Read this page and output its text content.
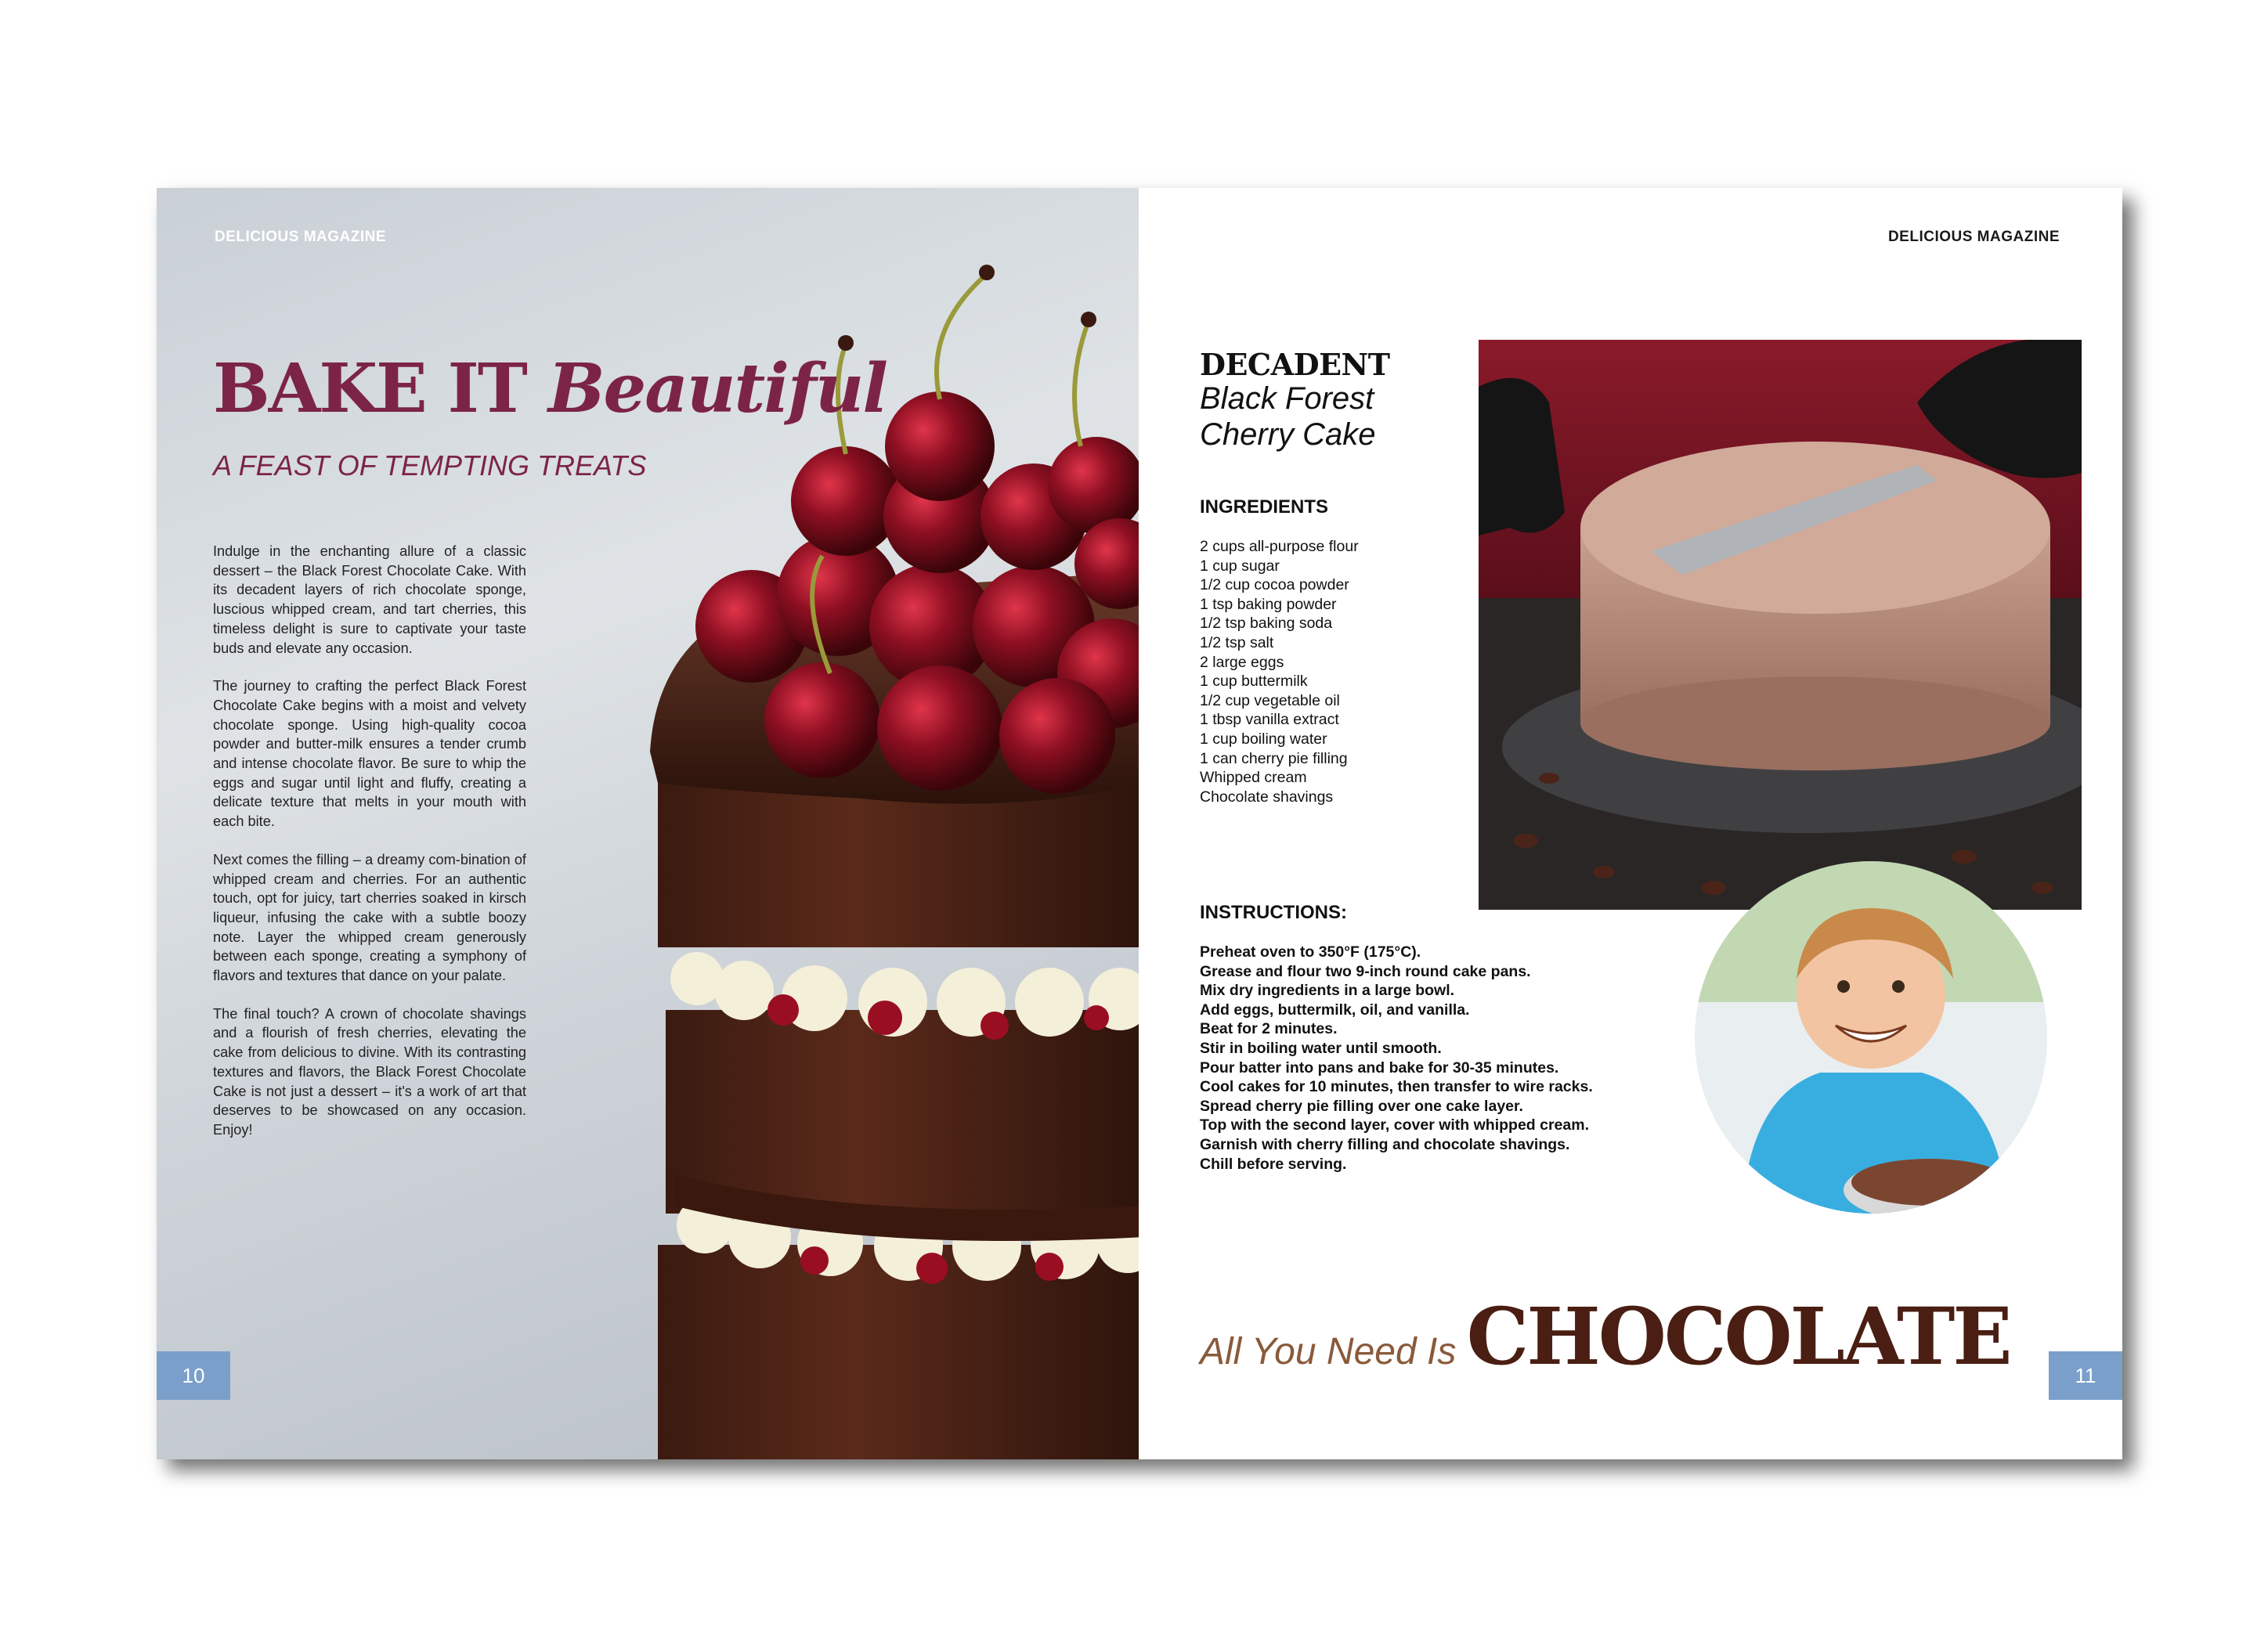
DELICIOUS MAGAZINE
BAKE IT Beautiful
A FEAST OF TEMPTING TREATS

Indulge in the enchanting allure of a classic dessert – the Black Forest Chocolate Cake. With its decadent layers of rich chocolate sponge, luscious whipped cream, and tart cherries, this timeless delight is sure to captivate your taste buds and elevate any occasion.

The journey to crafting the perfect Black Forest Chocolate Cake begins with a moist and velvety chocolate sponge. Using high-quality cocoa powder and butter-milk ensures a tender crumb and intense chocolate flavor. Be sure to whip the eggs and sugar until light and fluffy, creating a delicate texture that melts in your mouth with each bite.

Next comes the filling – a dreamy com-bination of whipped cream and cherries. For an authentic touch, opt for juicy, tart cherries soaked in kirsch liqueur, infusing the cake with a subtle boozy note. Layer the whipped cream generously between each sponge, creating a symphony of flavors and textures that dance on your palate.

The final touch? A crown of chocolate shavings and a flourish of fresh cherries, elevating the cake from delicious to divine. With its contrasting textures and flavors, the Black Forest Chocolate Cake is not just a dessert – it's a work of art that deserves to be showcased on any occasion. Enjoy!

10
DELICIOUS MAGAZINE
DECADENT
Black Forest
Cherry Cake
INGREDIENTS
2 cups all-purpose flour
1 cup sugar
1/2 cup cocoa powder
1 tsp baking powder
1/2 tsp baking soda
1/2 tsp salt
2 large eggs
1 cup buttermilk
1/2 cup vegetable oil
1 tbsp vanilla extract
1 cup boiling water
1 can cherry pie filling
Whipped cream
Chocolate shavings
INSTRUCTIONS:
Preheat oven to 350°F (175°C).
Grease and flour two 9-inch round cake pans.
Mix dry ingredients in a large bowl.
Add eggs, buttermilk, oil, and vanilla.
Beat for 2 minutes.
Stir in boiling water until smooth.
Pour batter into pans and bake for 30-35 minutes.
Cool cakes for 10 minutes, then transfer to wire racks.
Spread cherry pie filling over one cake layer.
Top with the second layer, cover with whipped cream.
Garnish with cherry filling and chocolate shavings.
Chill before serving.
All You Need Is CHOCOLATE	11
